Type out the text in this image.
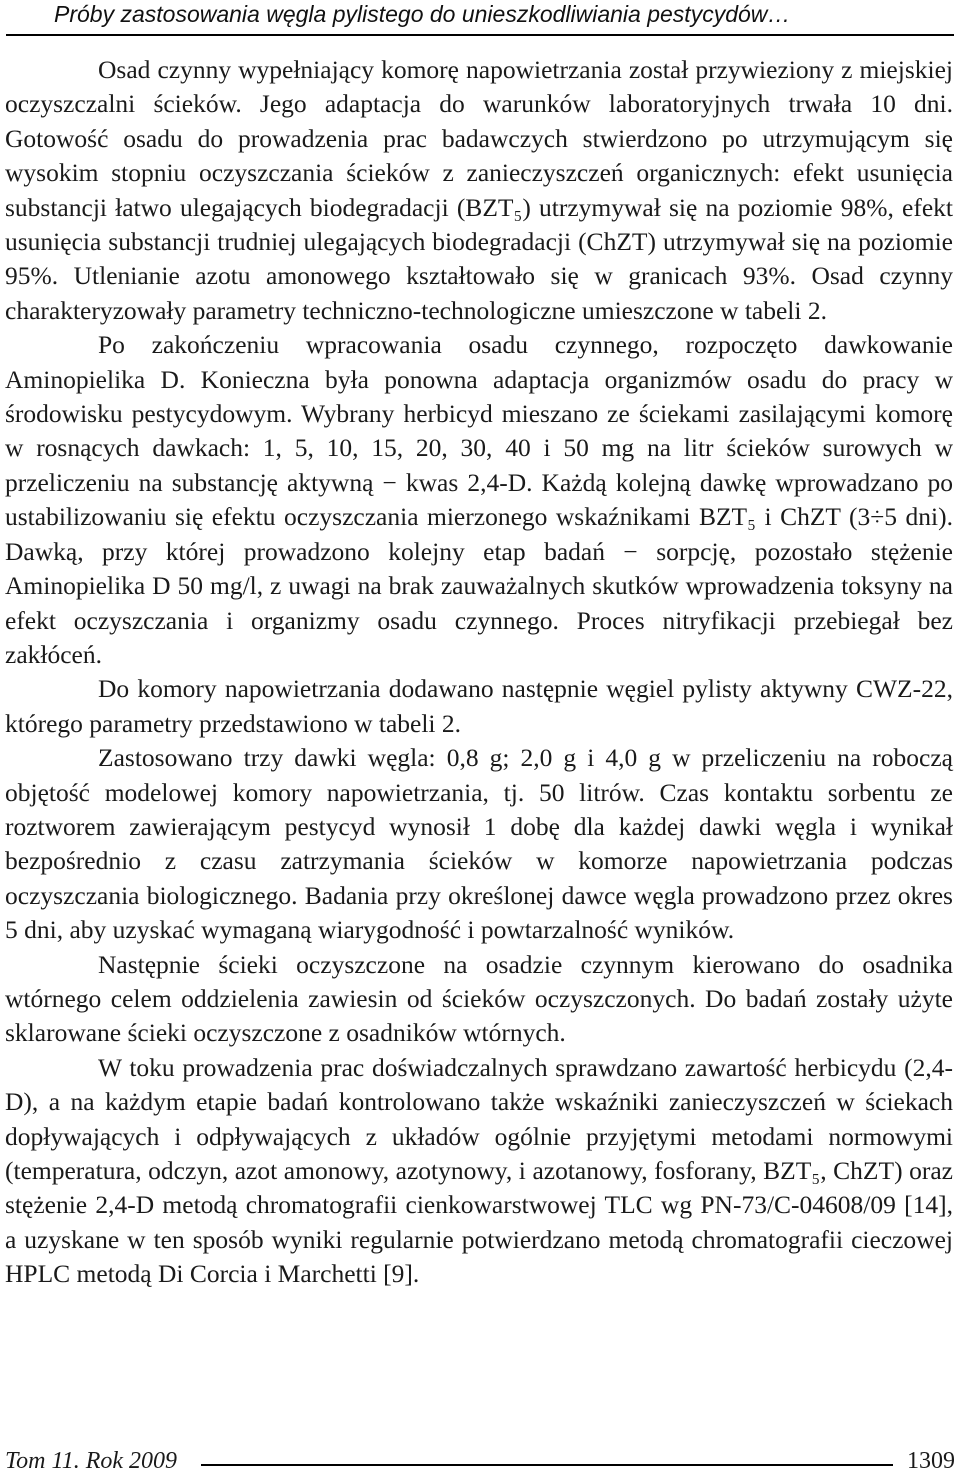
Próby zastosowania węgla pylistego do unieszkodliwiania pestycydów…

Osad czynny wypełniający komorę napowietrzania został przywieziony z miejskiej oczyszczalni ścieków. Jego adaptacja do warunków laboratoryjnych trwała 10 dni. Gotowość osadu do prowadzenia prac badawczych stwierdzono po utrzymującym się wysokim stopniu oczyszczania ścieków z zanieczyszczeń organicznych: efekt usunięcia substancji łatwo ulegających biodegradacji (BZT₅) utrzymywał się na poziomie 98%, efekt usunięcia substancji trudniej ulegających biodegradacji (ChZT) utrzymywał się na poziomie 95%. Utlenianie azotu amonowego kształtowało się w granicach 93%. Osad czynny charakteryzowały parametry techniczno-technologiczne umieszczone w tabeli 2.

Po zakończeniu wpracowania osadu czynnego, rozpoczęto dawkowanie Aminopielika D. Konieczna była ponowna adaptacja organizmów osadu do pracy w środowisku pestycydowym. Wybrany herbicyd mieszano ze ściekami zasilającymi komorę w rosnących dawkach: 1, 5, 10, 15, 20, 30, 40 i 50 mg na litr ścieków surowych w przeliczeniu na substancję aktywną − kwas 2,4-D. Każdą kolejną dawkę wprowadzano po ustabilizowaniu się efektu oczyszczania mierzonego wskaźnikami BZT₅ i ChZT (3÷5 dni). Dawką, przy której prowadzono kolejny etap badań − sorpcję, pozostało stężenie Aminopielika D 50 mg/l, z uwagi na brak zauważalnych skutków wprowadzenia toksyny na efekt oczyszczania i organizmy osadu czynnego. Proces nitryfikacji przebiegał bez zakłóceń.

Do komory napowietrzania dodawano następnie węgiel pylisty aktywny CWZ-22, którego parametry przedstawiono w tabeli 2.

Zastosowano trzy dawki węgla: 0,8 g; 2,0 g i 4,0 g w przeliczeniu na roboczą objętość modelowej komory napowietrzania, tj. 50 litrów. Czas kontaktu sorbentu ze roztworem zawierającym pestycyd wynosił 1 dobę dla każdej dawki węgla i wynikał bezpośrednio z czasu zatrzymania ścieków w komorze napowietrzania podczas oczyszczania biologicznego. Badania przy określonej dawce węgla prowadzono przez okres 5 dni, aby uzyskać wymaganą wiarygodność i powtarzalność wyników.

Następnie ścieki oczyszczone na osadzie czynnym kierowano do osadnika wtórnego celem oddzielenia zawiesin od ścieków oczyszczonych. Do badań zostały użyte sklarowane ścieki oczyszczone z osadników wtórnych.

W toku prowadzenia prac doświadczalnych sprawdzano zawartość herbicydu (2,4-D), a na każdym etapie badań kontrolowano także wskaźniki zanieczyszczeń w ściekach dopływających i odpływających z układów ogólnie przyjętymi metodami normowymi (temperatura, odczyn, azot amonowy, azotynowy, i azotanowy, fosforany, BZT₅, ChZT) oraz stężenie 2,4-D metodą chromatografii cienkowarstwowej TLC wg PN-73/C-04608/09 [14], a uzyskane w ten sposób wyniki regularnie potwierdzano metodą chromatografii cieczowej HPLC metodą Di Corcia i Marchetti [9].

Tom 11. Rok 2009	1309
